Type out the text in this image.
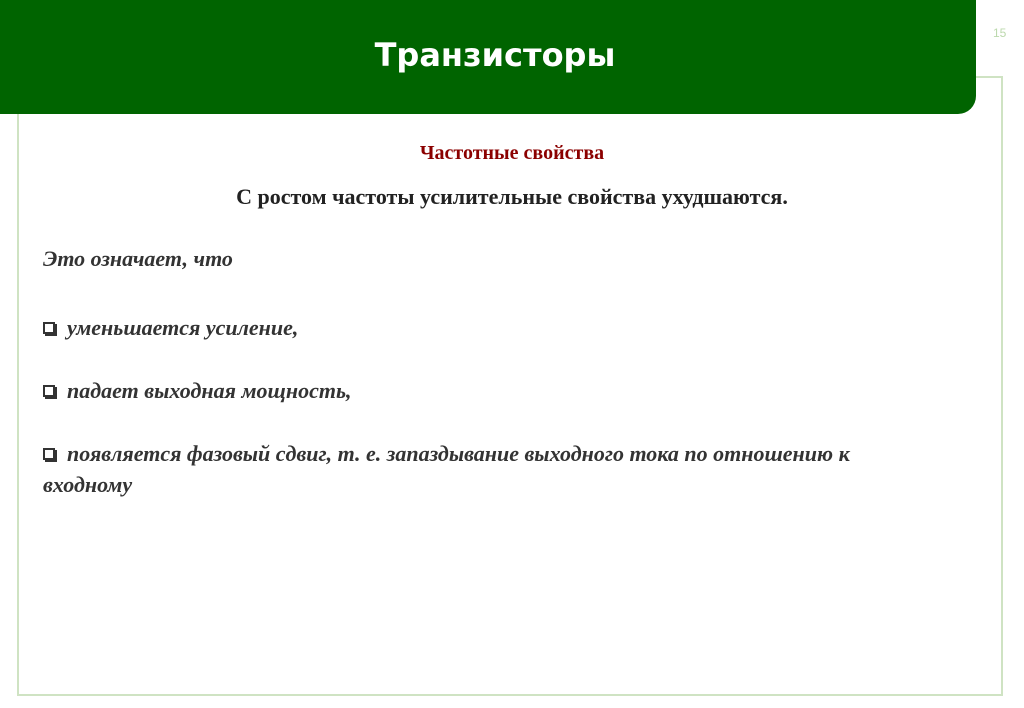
Транзисторы
15
Частотные свойства
С ростом частоты усилительные свойства ухудшаются.
Это означает, что
уменьшается усиление,
падает выходная мощность,
появляется фазовый сдвиг, т. е. запаздывание выходного тока по отношению к входному
